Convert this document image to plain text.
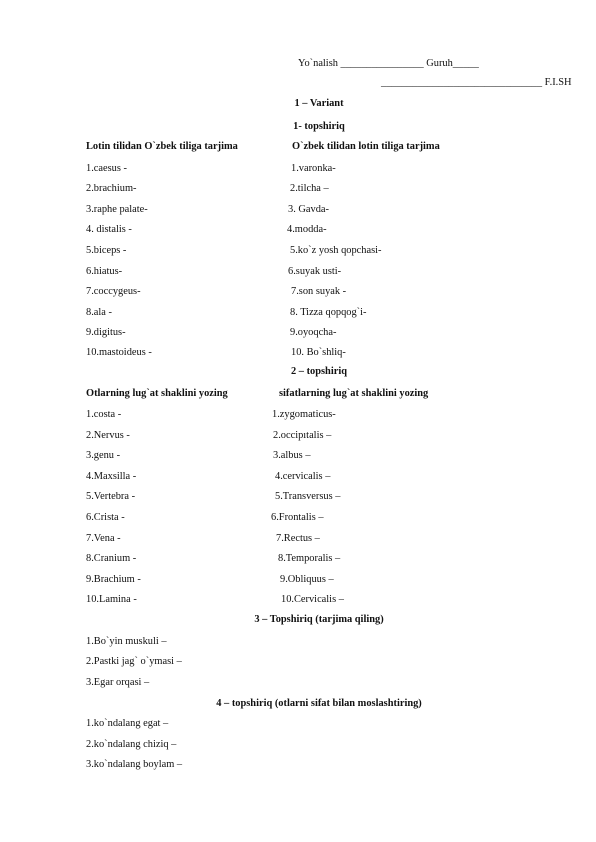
Yo`nalish ________________ Guruh_____
_______________________________ F.I.SH
1 – Variant
1- topshiriq
Lotin tilidan O`zbek tiliga tarjima	O`zbek tilidan lotin tiliga tarjima
1.caesus -
2.brachium-
3.raphe palate-
4. distalis -
5.biceps -
6.hiatus-
7.coccygeus-
8.ala -
9.digitus-
10.mastoideus -
1.varonka-
2.tilcha –
3. Gavda-
4.modda-
5.ko`z yosh qopchasi-
6.suyak usti-
7.son suyak -
8. Tizza qopqog`i-
9.oyoqcha-
10. Bo`shliq-
2 – topshiriq
Otlarning lug`at shaklini yozing	sifatlarning lug`at shaklini yozing
1.costa -
2.Nervus -
3.genu -
4.Maxsilla -
5.Vertebra -
6.Crista -
7.Vena -
8.Cranium -
9.Brachium -
10.Lamina -
1.zygomaticus-
2.occipıtalis –
3.albus –
4.cervicalis –
5.Transversus –
6.Frontalis –
7.Rectus –
8.Temporalis –
9.Obliquus –
10.Cervicalis –
3 – Topshiriq (tarjima qiling)
1.Bo`yin muskuli –
2.Pastki jag` o`ymasi –
3.Egar orqasi –
4 – topshiriq (otlarni sifat bilan moslashtiring)
1.ko`ndalang egat –
2.ko`ndalang chiziq –
3.ko`ndalang boylam –
